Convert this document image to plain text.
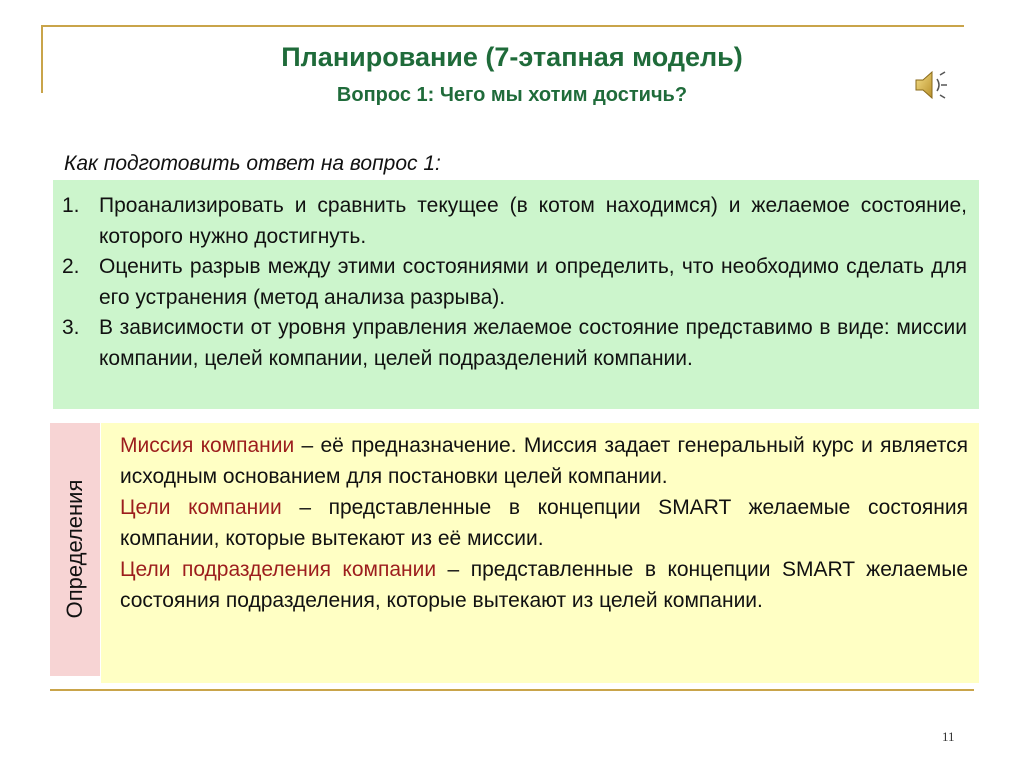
Планирование (7-этапная модель)
Вопрос 1: Чего мы хотим достичь?
Как подготовить ответ на вопрос 1:
1. Проанализировать и сравнить текущее (в котом находимся) и желаемое состояние, которого нужно достигнуть.
2. Оценить разрыв между этими состояниями и определить, что необходимо сделать для его устранения (метод анализа разрыва).
3. В зависимости от уровня управления желаемое состояние представимо в виде: миссии компании, целей компании, целей подразделений компании.
Определения

Миссия компании – её предназначение. Миссия задает генеральный курс и является исходным основанием для постановки целей компании.

Цели компании – представленные в концепции SMART желаемые состояния компании, которые вытекают из её миссии.

Цели подразделения компании – представленные в концепции SMART желаемые состояния подразделения, которые вытекают из целей компании.

11
